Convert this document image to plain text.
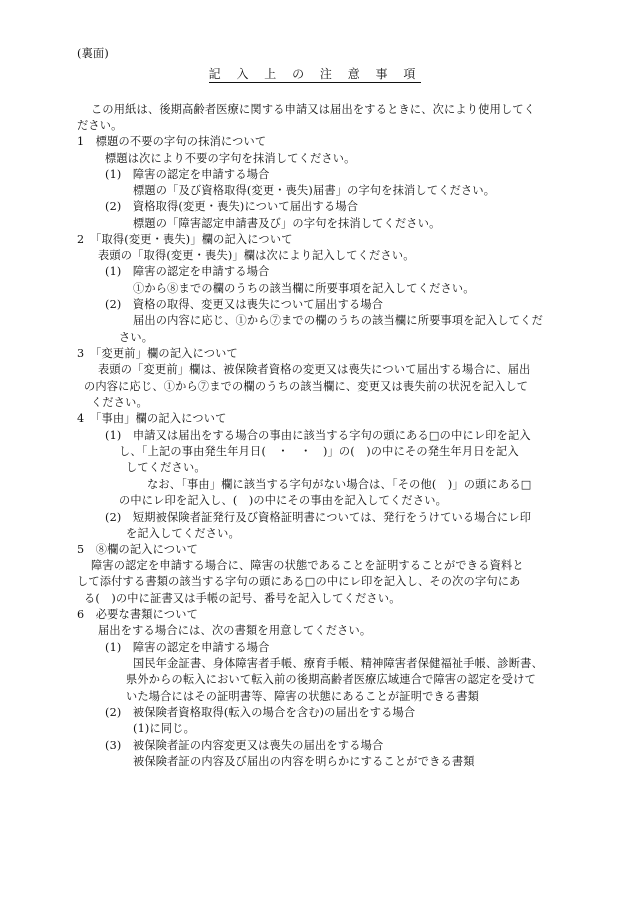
(裏面)
記 入 上 の 注 意 事 項
この用紙は、後期高齢者医療に関する申請又は届出をするときに、次により使用してく
ださい。
1　標題の不要の字句の抹消について
標題は次により不要の字句を抹消してください。
(1)　障害の認定を申請する場合
標題の「及び資格取得(変更・喪失)届書」の字句を抹消してください。
(2)　資格取得(変更・喪失)について届出する場合
標題の「障害認定申請書及び」の字句を抹消してください。
2　「取得(変更・喪失)」欄の記入について
表頭の「取得(変更・喪失)」欄は次により記入してください。
(1)　障害の認定を申請する場合
①から⑧までの欄のうちの該当欄に所要事項を記入してください。
(2)　資格の取得、変更又は喪失について届出する場合
届出の内容に応じ、①から⑦までの欄のうちの該当欄に所要事項を記入してくだ
さい。
3　「変更前」欄の記入について
表頭の「変更前」欄は、被保険者資格の変更又は喪失について届出する場合に、届出
の内容に応じ、①から⑦までの欄のうちの該当欄に、変更又は喪失前の状況を記入して
ください。
4　「事由」欄の記入について
(1)　申請又は届出をする場合の事由に該当する字句の頭にある□の中にレ印を記入
し、「上記の事由発生年月日(　・　・　)」の(　)の中にその発生年月日を記入
してください。
なお、「事由」欄に該当する字句がない場合は、「その他(　)」の頭にある□
の中にレ印を記入し、(　)の中にその事由を記入してください。
(2)　短期被保険者証発行及び資格証明書については、発行をうけている場合にレ印
を記入してください。
5　⑧欄の記入について
障害の認定を申請する場合に、障害の状態であることを証明することができる資料と
して添付する書類の該当する字句の頭にある□の中にレ印を記入し、その次の字句にあ
る(　)の中に証書又は手帳の記号、番号を記入してください。
6　必要な書類について
届出をする場合には、次の書類を用意してください。
(1)　障害の認定を申請する場合
国民年金証書、身体障害者手帳、療育手帳、精神障害者保健福祉手帳、診断書、
県外からの転入において転入前の後期高齢者医療広域連合で障害の認定を受けて
いた場合にはその証明書等、障害の状態にあることが証明できる書類
(2)　被保険者資格取得(転入の場合を含む)の届出をする場合
(1)に同じ。
(3)　被保険者証の内容変更又は喪失の届出をする場合
被保険者証の内容及び届出の内容を明らかにすることができる書類
